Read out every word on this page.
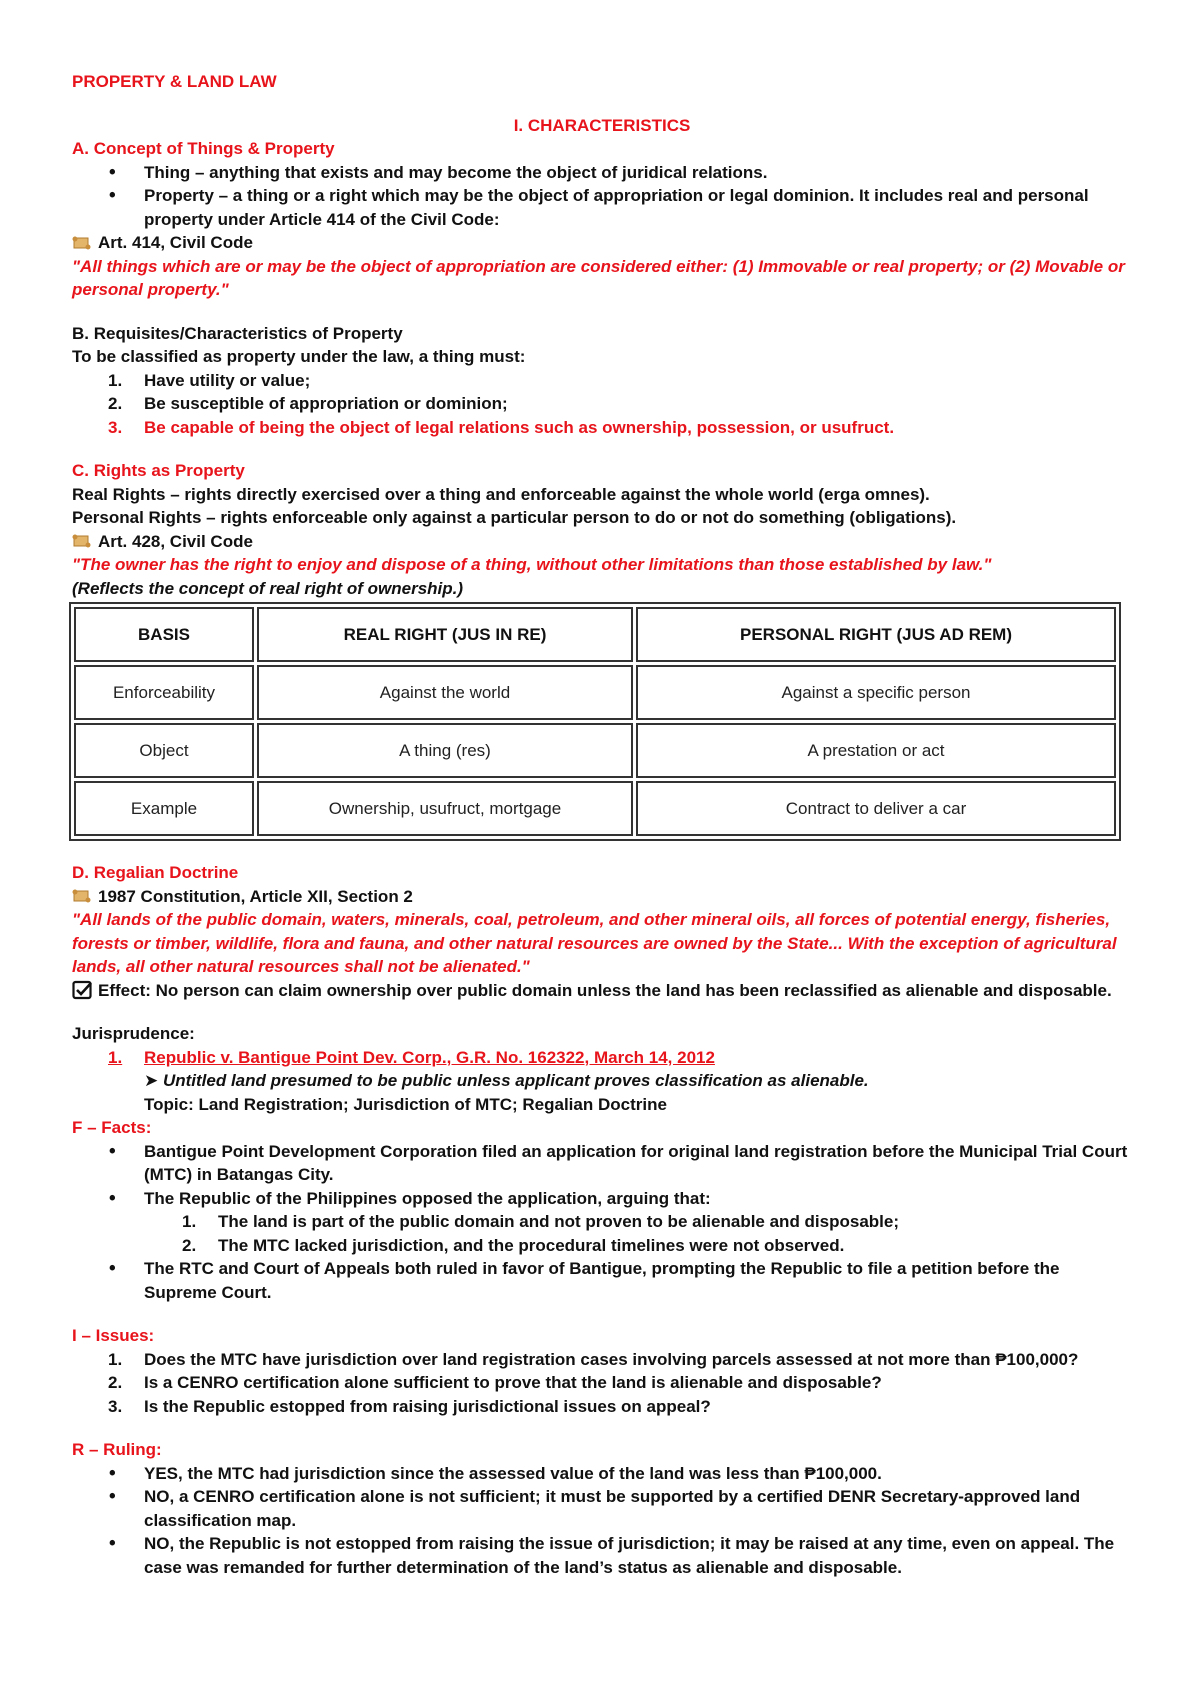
PROPERTY & LAND LAW

I. CHARACTERISTICS

A. Concept of Things & Property

• Thing – anything that exists and may become the object of juridical relations.
• Property – a thing or a right which may be the object of appropriation or legal dominion. It includes real and personal property under Article 414 of the Civil Code:
Art. 414, Civil Code

"All things which are or may be the object of appropriation are considered either: (1) Immovable or real property; or (2) Movable or personal property."

B. Requisites/Characteristics of Property

To be classified as property under the law, a thing must:

1. Have utility or value;
2. Be susceptible of appropriation or dominion;
3. Be capable of being the object of legal relations such as ownership, possession, or usufruct.

C. Rights as Property

Real Rights – rights directly exercised over a thing and enforceable against the whole world (erga omnes).

Personal Rights – rights enforceable only against a particular person to do or not do something (obligations).

Art. 428, Civil Code

"The owner has the right to enjoy and dispose of a thing, without other limitations than those established by law."

(Reflects the concept of real right of ownership.)

BASIS	REAL RIGHT (JUS IN RE)	PERSONAL RIGHT (JUS AD REM)
Enforceability	Against the world	Against a specific person
Object	A thing (res)	A prestation or act
Example	Ownership, usufruct, mortgage	Contract to deliver a car

D. Regalian Doctrine

1987 Constitution, Article XII, Section 2

"All lands of the public domain, waters, minerals, coal, petroleum, and other mineral oils, all forces of potential energy, fisheries, forests or timber, wildlife, flora and fauna, and other natural resources are owned by the State... With the exception of agricultural lands, all other natural resources shall not be alienated."

Effect: No person can claim ownership over public domain unless the land has been reclassified as alienable and disposable.

Jurisprudence:

1. Republic v. Bantigue Point Dev. Corp., G.R. No. 162322, March 14, 2012

➤ Untitled land presumed to be public unless applicant proves classification as alienable.

Topic: Land Registration; Jurisdiction of MTC; Regalian Doctrine

F – Facts:

• Bantigue Point Development Corporation filed an application for original land registration before the Municipal Trial Court (MTC) in Batangas City.
• The Republic of the Philippines opposed the application, arguing that:
1. The land is part of the public domain and not proven to be alienable and disposable;
2. The MTC lacked jurisdiction, and the procedural timelines were not observed.
• The RTC and Court of Appeals both ruled in favor of Bantigue, prompting the Republic to file a petition before the Supreme Court.

I – Issues:

1. Does the MTC have jurisdiction over land registration cases involving parcels assessed at not more than ₱100,000?
2. Is a CENRO certification alone sufficient to prove that the land is alienable and disposable?
3. Is the Republic estopped from raising jurisdictional issues on appeal?

R – Ruling:

• YES, the MTC had jurisdiction since the assessed value of the land was less than ₱100,000.
• NO, a CENRO certification alone is not sufficient; it must be supported by a certified DENR Secretary-approved land classification map.
• NO, the Republic is not estopped from raising the issue of jurisdiction; it may be raised at any time, even on appeal. The case was remanded for further determination of the land’s status as alienable and disposable.
